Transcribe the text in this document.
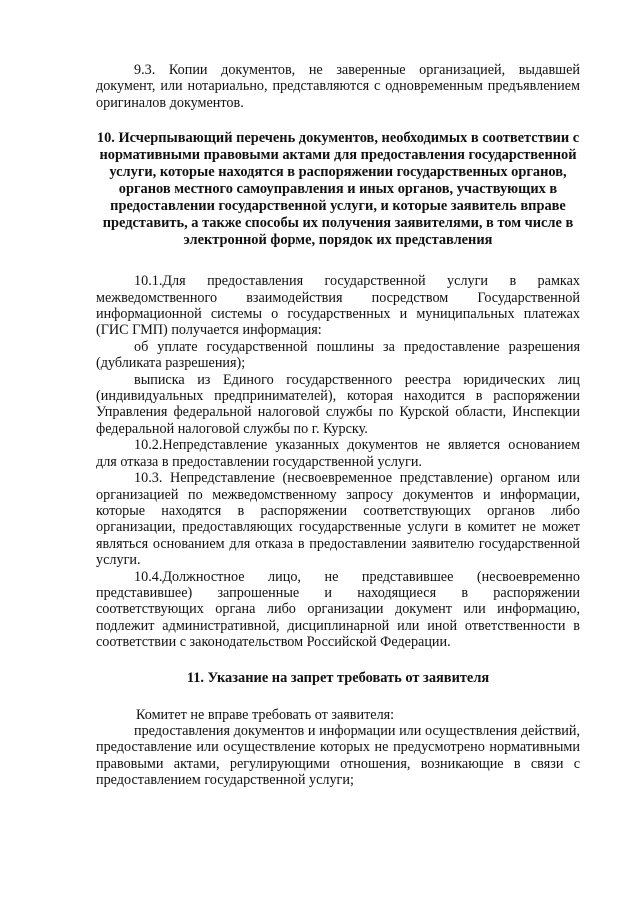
9.3. Копии документов, не заверенные организацией, выдавшей документ, или нотариально, представляются с одновременным предъявлением оригиналов документов.

10. Исчерпывающий перечень документов, необходимых в соответствии с нормативными правовыми актами для предоставления государственной услуги, которые находятся в распоряжении государственных органов, органов местного самоуправления и иных органов, участвующих в предоставлении государственной услуги, и которые заявитель вправе представить, а также способы их получения заявителями, в том числе в электронной форме, порядок их представления

10.1.Для предоставления государственной услуги в рамках межведомственного взаимодействия посредством Государственной информационной системы о государственных и муниципальных платежах (ГИС ГМП) получается информация:

об уплате государственной пошлины за предоставление разрешения (дубликата разрешения);

выписка из Единого государственного реестра юридических лиц (индивидуальных предпринимателей), которая находится в распоряжении Управления федеральной налоговой службы по Курской области, Инспекции федеральной налоговой службы по г. Курску.

10.2.Непредставление указанных документов не является основанием для отказа в предоставлении государственной услуги.

10.3. Непредставление (несвоевременное представление) органом или организацией по межведомственному запросу документов и информации, которые находятся в распоряжении соответствующих органов либо организации, предоставляющих государственные услуги в комитет не может являться основанием для отказа в предоставлении заявителю государственной услуги.

10.4.Должностное лицо, не представившее (несвоевременно представившее) запрошенные и находящиеся в распоряжении соответствующих органа либо организации документ или информацию, подлежит административной, дисциплинарной или иной ответственности в соответствии с законодательством Российской Федерации.

11. Указание на запрет требовать от заявителя

Комитет не вправе требовать от заявителя:

предоставления документов и информации или осуществления действий, предоставление или осуществление которых не предусмотрено нормативными правовыми актами, регулирующими отношения, возникающие в связи с предоставлением государственной услуги;
